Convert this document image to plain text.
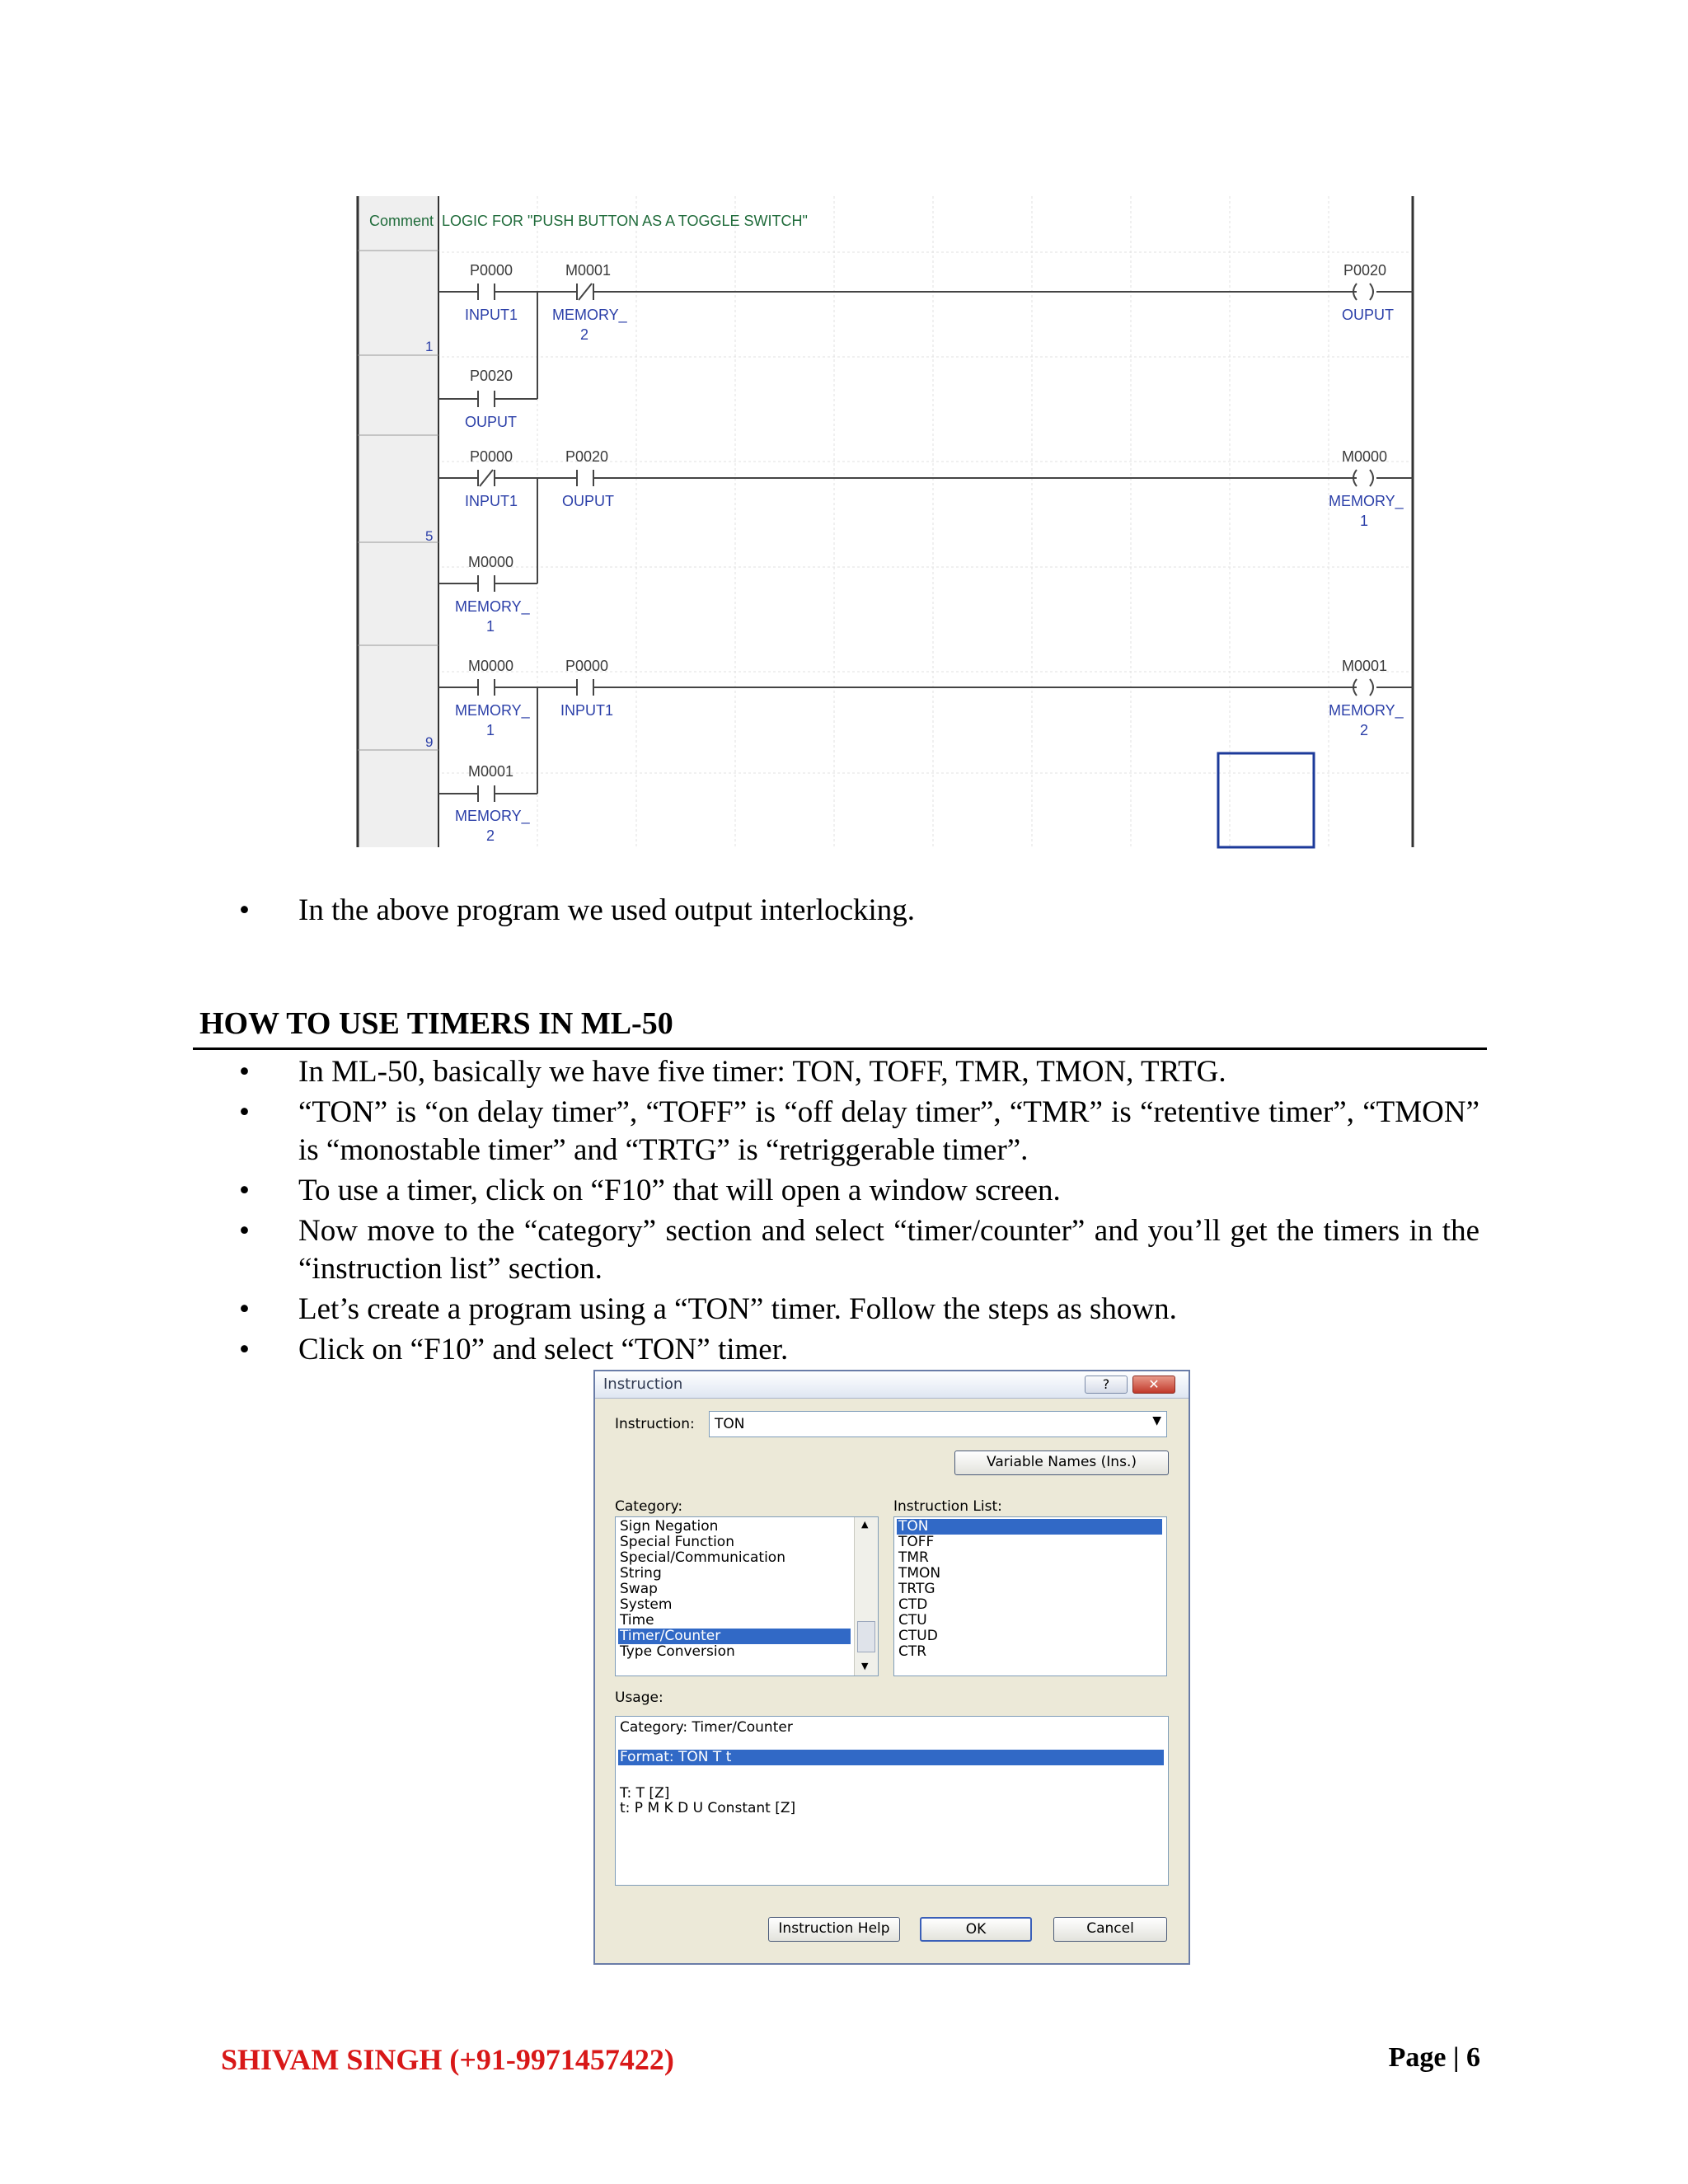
Comment LOGIC FOR "PUSH BUTTON AS A TOGGLE SWITCH"
1
5
9
P0000
INPUT1
M0001
MEMORY_
2
P0020
OUPUT
P0020
OUPUT
P0000
INPUT1
P0020
OUPUT
M0000
MEMORY_
1
M0000
MEMORY_
1
M0000
MEMORY_
1
P0000
INPUT1
M0001
MEMORY_
2
M0001
MEMORY_
2
•	In the above program we used output interlocking.
HOW TO USE TIMERS IN ML-50
•	In ML-50, basically we have five timer: TON, TOFF, TMR, TMON, TRTG.
•	“TON” is “on delay timer”, “TOFF” is “off delay timer”, “TMR” is “retentive timer”, “TMON” is “monostable timer” and “TRTG” is “retriggerable timer”.
•	To use a timer, click on “F10” that will open a window screen.
•	Now move to the “category” section and select “timer/counter” and you’ll get the timers in the “instruction list” section.
•	Let’s create a program using a “TON” timer. Follow the steps as shown.
•	Click on “F10” and select “TON” timer.
Instruction	?	✕
Instruction: TON	▼
Variable Names (Ins.)
Category:
Sign Negation
Special Function
Special/Communication
String
Swap
System
Time
Timer/Counter
Type Conversion
▲
▼
Instruction List:
TON
TOFF
TMR
TMON
TRTG
CTD
CTU
CTUD
CTR
Usage:
Category: Timer/Counter
Format: TON T t
T: T [Z]
t: P M K D U Constant [Z]
Instruction Help	OK	Cancel
SHIVAM SINGH (+91-9971457422)	Page | 6
